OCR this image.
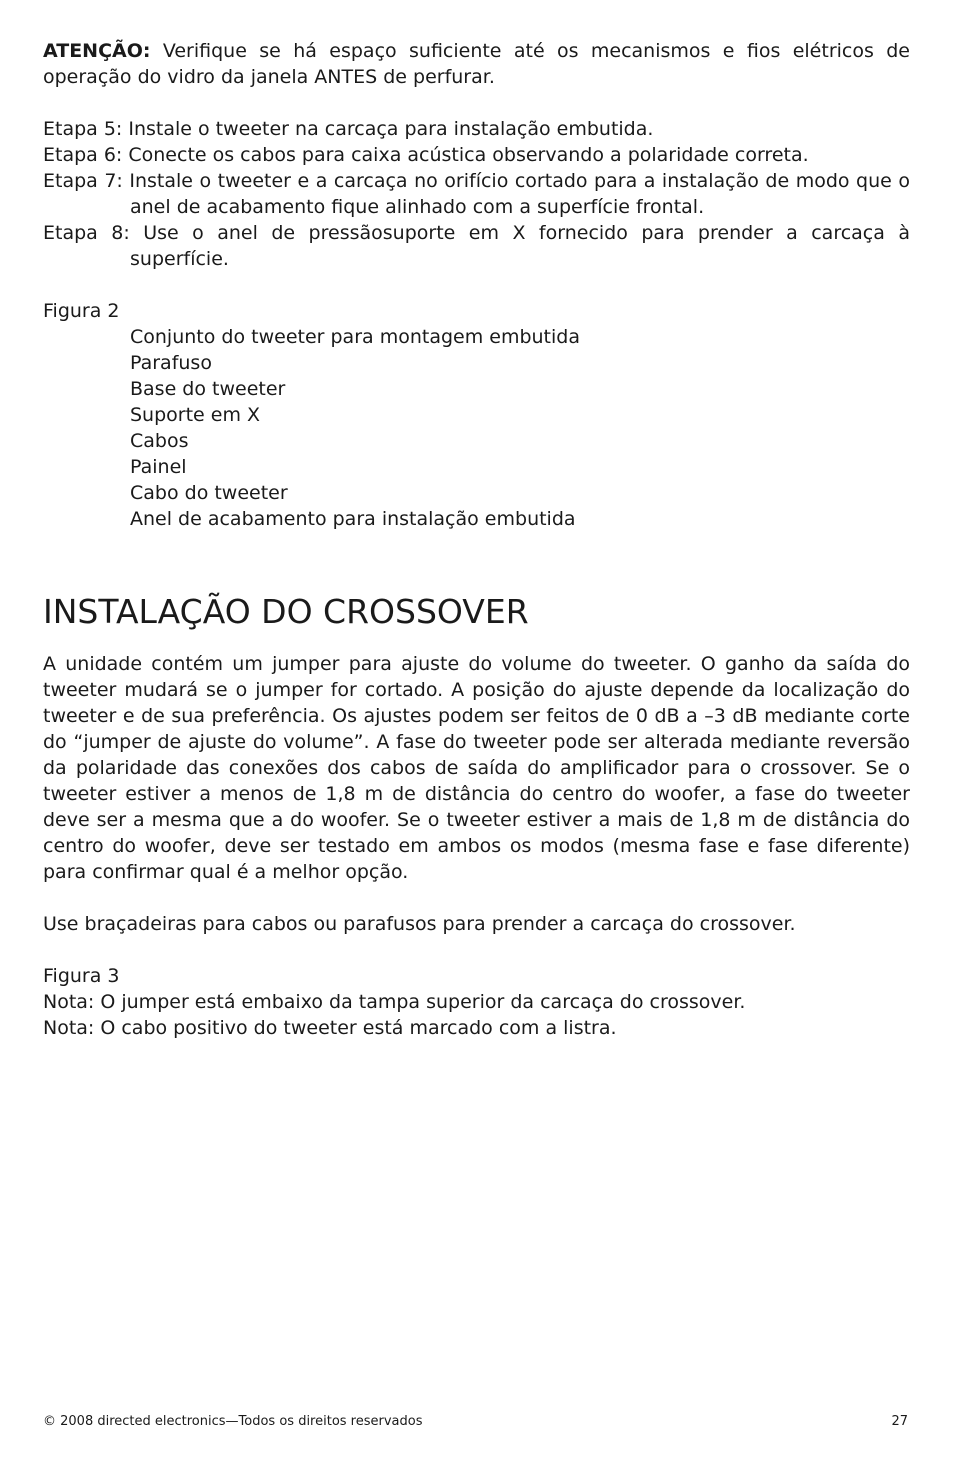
ATENÇÃO: Verifique se há espaço suficiente até os mecanismos e fios elétricos de operação do vidro da janela ANTES de perfurar.

Etapa 5: Instale o tweeter na carcaça para instalação embutida.

Etapa 6: Conecte os cabos para caixa acústica observando a polaridade correta.

Etapa 7: Instale o tweeter e a carcaça no orifício cortado para a instalação de modo que o anel de acabamento fique alinhado com a superfície frontal.

Etapa 8: Use o anel de pressãosuporte em X fornecido para prender a carcaça à superfície.

Figura 2

Conjunto do tweeter para montagem embutida

Parafuso

Base do tweeter

Suporte em X

Cabos

Painel

Cabo do tweeter

Anel de acabamento para instalação embutida

INSTALAÇÃO DO CROSSOVER

A unidade contém um jumper para ajuste do volume do tweeter. O ganho da saída do tweeter mudará se o jumper for cortado. A posição do ajuste depende da localização do tweeter e de sua preferência. Os ajustes podem ser feitos de 0 dB a –3 dB mediante corte do “jumper de ajuste do volume”. A fase do tweeter pode ser alterada mediante reversão da polaridade das conexões dos cabos de saída do amplificador para o crossover. Se o tweeter estiver a menos de 1,8 m de distância do centro do woofer, a fase do tweeter deve ser a mesma que a do woofer. Se o tweeter estiver a mais de 1,8 m de distância do centro do woofer, deve ser testado em ambos os modos (mesma fase e fase diferente) para confirmar qual é a melhor opção.

Use braçadeiras para cabos ou parafusos para prender a carcaça do crossover.

Figura 3

Nota: O jumper está embaixo da tampa superior da carcaça do crossover.

Nota: O cabo positivo do tweeter está marcado com a listra.

© 2008 directed electronics—Todos os direitos reservados	27
